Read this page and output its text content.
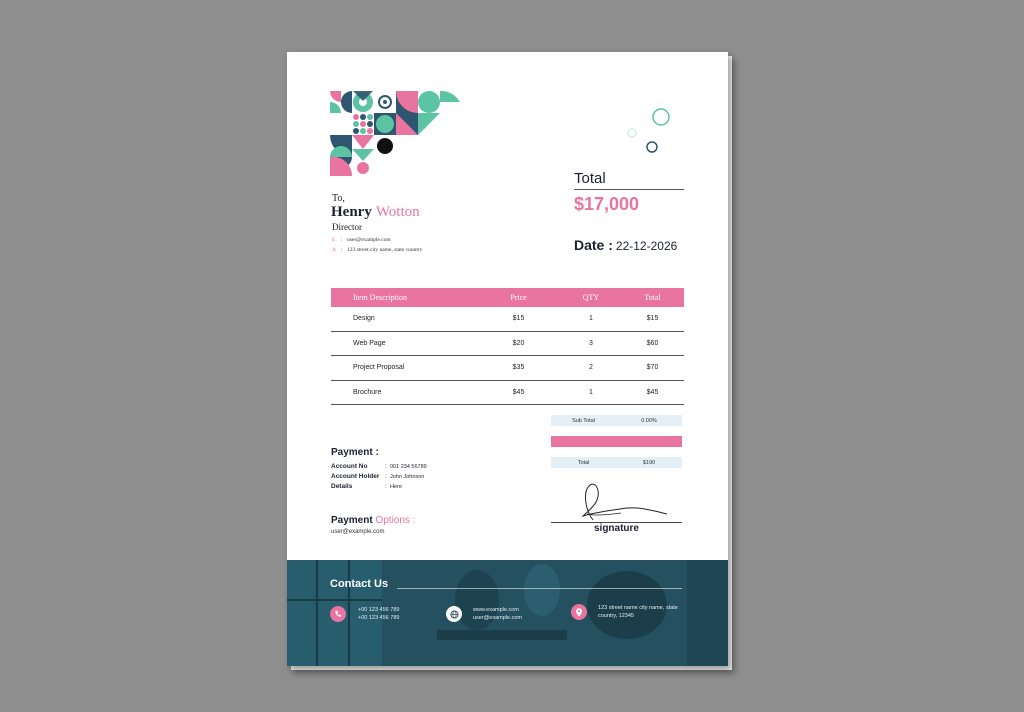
To,
Henry Wotton
Director
E : user@example.com
A : 123 street city name, state country
Total
$17,000
Date : 22-12-2026
Item Description	Price	QTY	Total
Design	$15	1	$15
Web Page	$20	3	$60
Project Proposal	$35	2	$70
Brochure	$45	1	$45
Sub Total	0.00%
Total	$190
Payment :
Account No	: 001 234 56789
Account Holder : John Johnson
Details	: Here
Payment Options :
user@example.com	signature
Contact Us
+00 123 456 789
+00 123 456 789
www.example.com
user@example.com
123 street name city name, state
country, 12345
